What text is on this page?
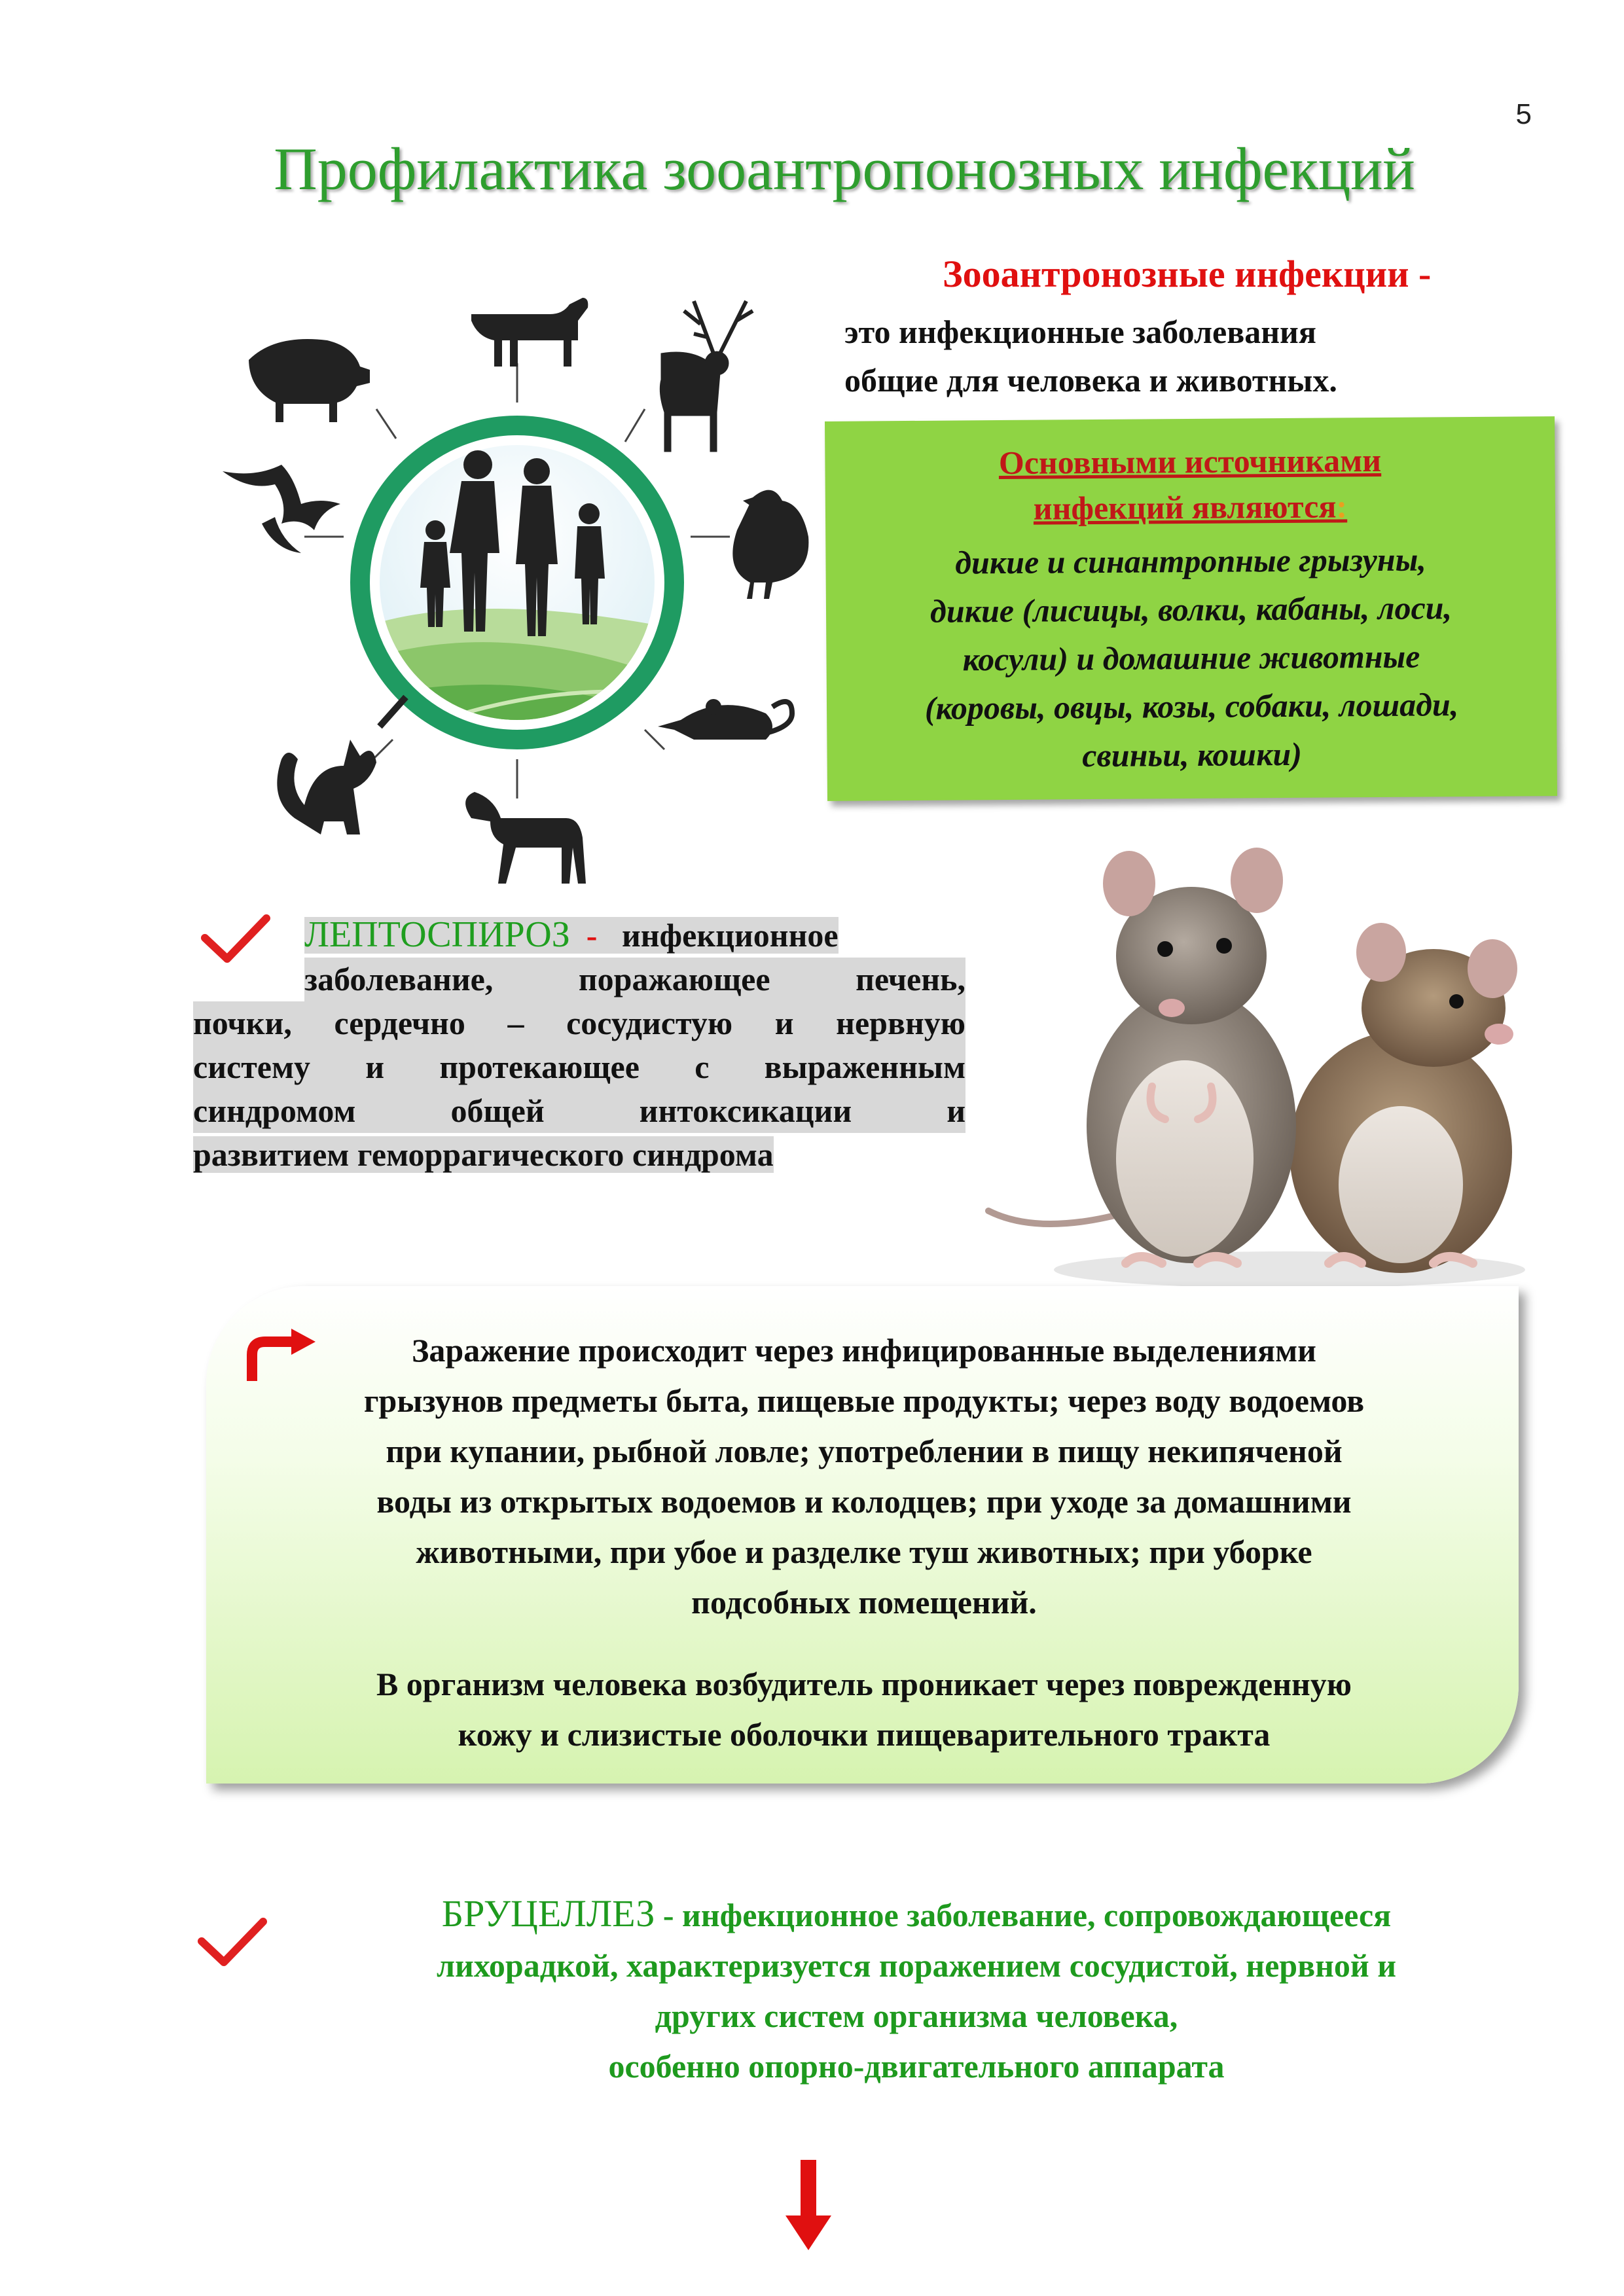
5
Профилактика зооантропонозных инфекций
Зооантронозные инфекции -
это инфекционные заболевания
общие для человека и животных.
Основными источниками
инфекций являются:
дикие и синантропные грызуны,
дикие (лисицы, волки, кабаны, лоси,
косули) и домашние животные
(коровы, овцы, козы, собаки, лошади,
свиньи, кошки)
ЛЕПТОСПИРОЗ - инфекционное
заболевание, поражающее печень,
почки, сердечно – сосудистую и нервную
систему и протекающее с выраженным
синдромом общей интоксикации и
развитием геморрагического синдрома
Заражение происходит через инфицированные выделениями
грызунов предметы быта, пищевые продукты; через воду водоемов
при купании, рыбной ловле; употреблении в пищу некипяченой
воды из открытых водоемов и колодцев; при уходе за домашними
животными, при убое и разделке туш животных; при уборке
подсобных помещений.
В организм человека возбудитель проникает через поврежденную
кожу и слизистые оболочки пищеварительного тракта
БРУЦЕЛЛЕЗ - инфекционное заболевание, сопровождающееся
лихорадкой, характеризуется поражением сосудистой, нервной и
других систем организма человека,
особенно опорно-двигательного аппарата
